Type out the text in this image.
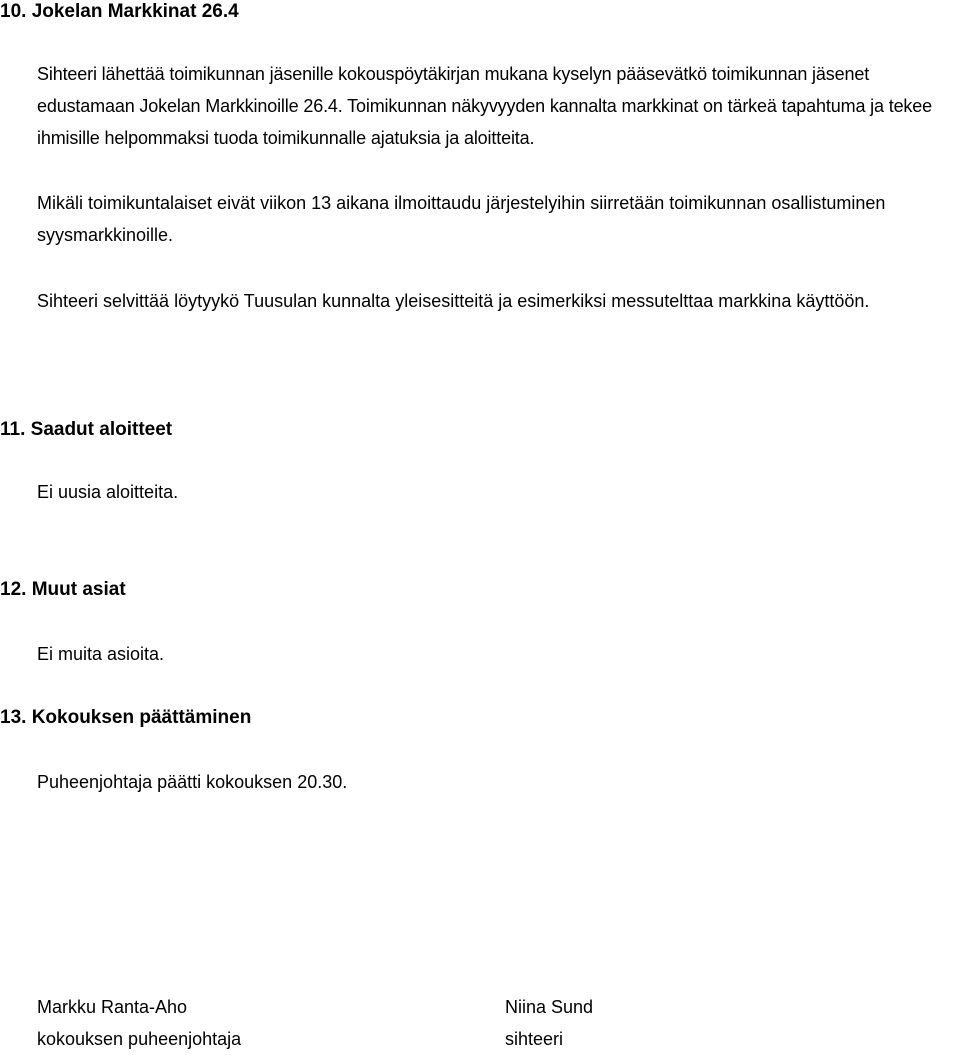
10. Jokelan Markkinat 26.4
Sihteeri lähettää toimikunnan jäsenille kokouspöytäkirjan mukana kyselyn pääsevätkö toimikunnan jäsenet edustamaan Jokelan Markkinoille 26.4. Toimikunnan näkyvyyden kannalta markkinat on tärkeä tapahtuma ja tekee ihmisille helpommaksi tuoda toimikunnalle ajatuksia ja aloitteita.
Mikäli toimikuntalaiset eivät viikon 13 aikana ilmoittaudu järjestelyihin siirretään toimikunnan osallistuminen syysmarkkinoille.
Sihteeri selvittää löytyykö Tuusulan kunnalta yleisesitteitä ja esimerkiksi messutelttaa markkina käyttöön.
11. Saadut aloitteet
Ei uusia aloitteita.
12. Muut asiat
Ei muita asioita.
13. Kokouksen päättäminen
Puheenjohtaja päätti kokouksen 20.30.
Markku Ranta-Aho
kokouksen puheenjohtaja
Niina Sund
sihteeri
